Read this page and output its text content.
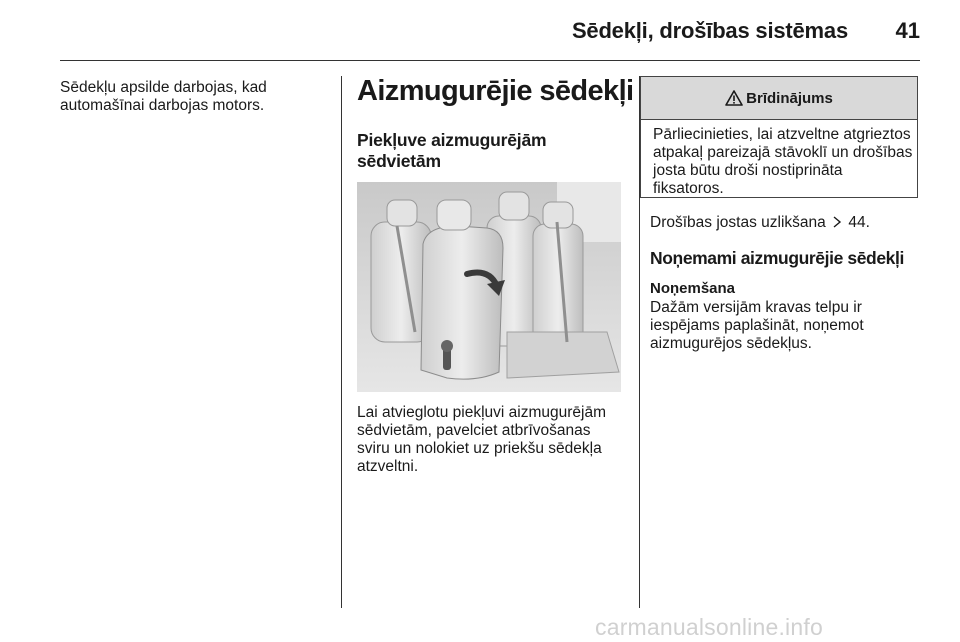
Sēdekļi, drošības sistēmas 41
Sēdekļu apsilde darbojas, kad automašīnai darbojas motors.	Aizmugurējie sēdekļi
Piekļuve aizmugurējām sēdvietām
Lai atvieglotu piekļuvi aizmugurējām sēdvietām, pavelciet atbrīvošanas sviru un nolokiet uz priekšu sēdekļa atzveltni.
Brīdinājums
Pārliecinieties, lai atzveltne atgrieztos atpakaļ pareizajā stāvoklī un drošības josta būtu droši nostiprināta fiksatoros.
Drošības jostas uzlikšana 44.
Noņemami aizmugurējie sēdekļi
Noņemšana
Dažām versijām kravas telpu ir iespējams paplašināt, noņemot aizmugurējos sēdekļus.
carmanualsonline.info
